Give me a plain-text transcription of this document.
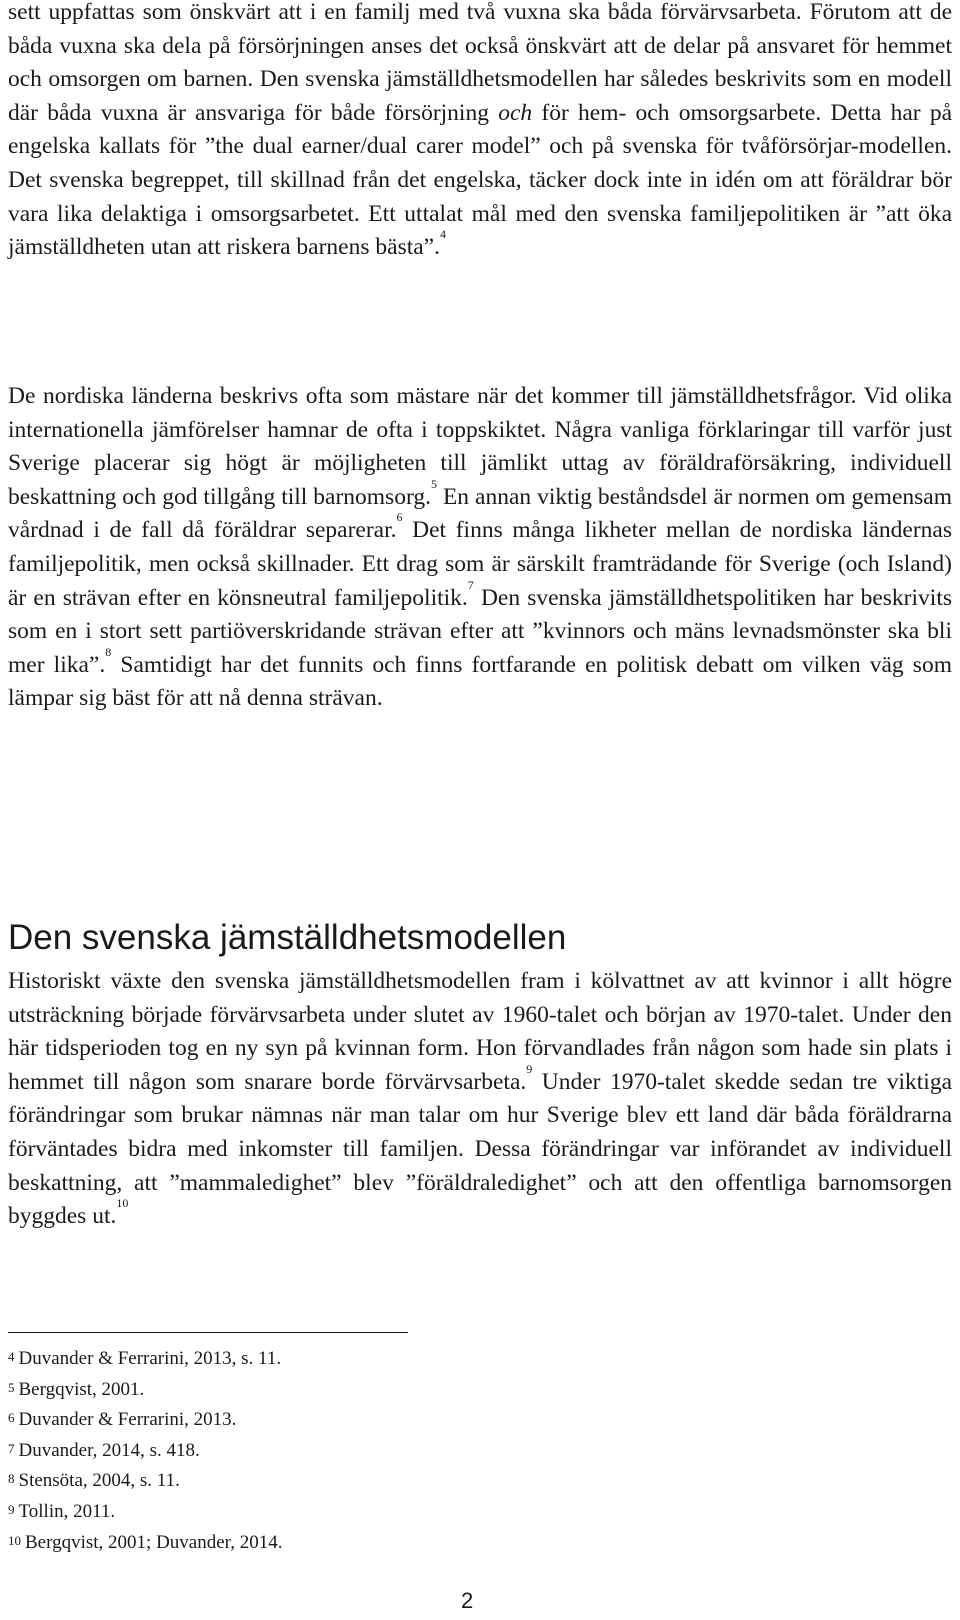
sett uppfattas som önskvärt att i en familj med två vuxna ska båda förvärvsarbeta. Förutom att de båda vuxna ska dela på försörjningen anses det också önskvärt att de delar på ansvaret för hemmet och omsorgen om barnen. Den svenska jämställdhetsmodellen har således beskrivits som en modell där båda vuxna är ansvariga för både försörjning och för hem- och omsorgsarbete. Detta har på engelska kallats för ”the dual earner/dual carer model” och på svenska för tvåförsörjar-modellen. Det svenska begreppet, till skillnad från det engelska, täcker dock inte in idén om att föräldrar bör vara lika delaktiga i omsorgsarbetet. Ett uttalat mål med den svenska familjepolitiken är ”att öka jämställdheten utan att riskera barnens bästa”.$^4$

De nordiska länderna beskrivs ofta som mästare när det kommer till jämställdhetsfrågor. Vid olika internationella jämförelser hamnar de ofta i toppskiktet. Några vanliga förklaringar till varför just Sverige placerar sig högt är möjligheten till jämlikt uttag av föräldraförsäkring, individuell beskattning och god tillgång till barnomsorg.$^5$ En annan viktig beståndsdel är normen om gemensam vårdnad i de fall då föräldrar separerar.$^6$ Det finns många likheter mellan de nordiska ländernas familjepolitik, men också skillnader. Ett drag som är särskilt framträdande för Sverige (och Island) är en strävan efter en könsneutral familjepolitik.$^7$ Den svenska jämställdhetspolitiken har beskrivits som en i stort sett partiöverskridande strävan efter att ”kvinnors och mäns levnadsmönster ska bli mer lika”.$^8$ Samtidigt har det funnits och finns fortfarande en politisk debatt om vilken väg som lämpar sig bäst för att nå denna strävan.

Den svenska jämställdhetsmodellen

Historiskt växte den svenska jämställdhetsmodellen fram i kölvattnet av att kvinnor i allt högre utsträckning började förvärvsarbeta under slutet av 1960-talet och början av 1970-talet. Under den här tidsperioden tog en ny syn på kvinnan form. Hon förvandlades från någon som hade sin plats i hemmet till någon som snarare borde förvärvsarbeta.$^9$ Under 1970-talet skedde sedan tre viktiga förändringar som brukar nämnas när man talar om hur Sverige blev ett land där båda föräldrarna förväntades bidra med inkomster till familjen. Dessa förändringar var införandet av individuell beskattning, att ”mammaledighet” blev ”föräldraledighet” och att den offentliga barnomsorgen byggdes ut.$^{10}$

$^4$ Duvander & Ferrarini, 2013, s. 11.
$^5$ Bergqvist, 2001.
$^6$ Duvander & Ferrarini, 2013.
$^7$ Duvander, 2014, s. 418.
$^8$ Stensöta, 2004, s. 11.
$^9$ Tollin, 2011.
$^{10}$ Bergqvist, 2001; Duvander, 2014.
2
